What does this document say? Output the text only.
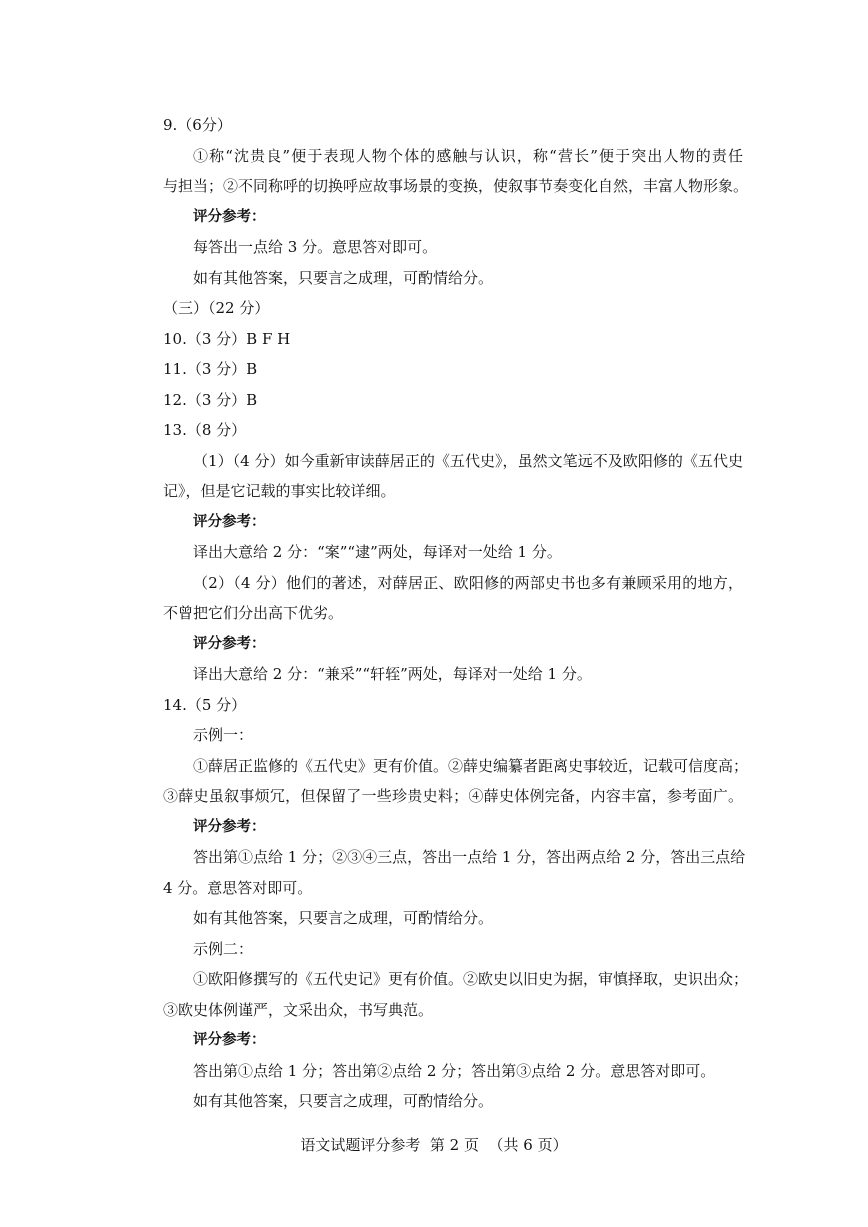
9.（6分）
①称“沈贵良”便于表现人物个体的感触与认识，称“营长”便于突出人物的责任
与担当；②不同称呼的切换呼应故事场景的变换，使叙事节奏变化自然，丰富人物形象。
评分参考：
每答出一点给 3 分。意思答对即可。
如有其他答案，只要言之成理，可酌情给分。
（三）（22 分）
10.（3 分）B F H
11.（3 分）B
12.（3 分）B
13.（8 分）
（1）（4 分）如今重新审读薛居正的《五代史》，虽然文笔远不及欧阳修的《五代史
记》，但是它记载的事实比较详细。
评分参考：
译出大意给 2 分：“案”“逮”两处，每译对一处给 1 分。
（2）（4 分）他们的著述，对薛居正、欧阳修的两部史书也多有兼顾采用的地方，
不曾把它们分出高下优劣。
评分参考：
译出大意给 2 分：“兼采”“轩轾”两处，每译对一处给 1 分。
14.（5 分）
示例一：
①薛居正监修的《五代史》更有价值。②薛史编纂者距离史事较近，记载可信度高；
③薛史虽叙事烦冗，但保留了一些珍贵史料；④薛史体例完备，内容丰富，参考面广。
评分参考：
答出第①点给 1 分；②③④三点，答出一点给 1 分，答出两点给 2 分，答出三点给
4 分。意思答对即可。
如有其他答案，只要言之成理，可酌情给分。
示例二：
①欧阳修撰写的《五代史记》更有价值。②欧史以旧史为据，审慎择取，史识出众；
③欧史体例谨严，文采出众，书写典范。
评分参考：
答出第①点给 1 分；答出第②点给 2 分；答出第③点给 2 分。意思答对即可。
如有其他答案，只要言之成理，可酌情给分。
语文试题评分参考  第 2 页  （共 6 页）
